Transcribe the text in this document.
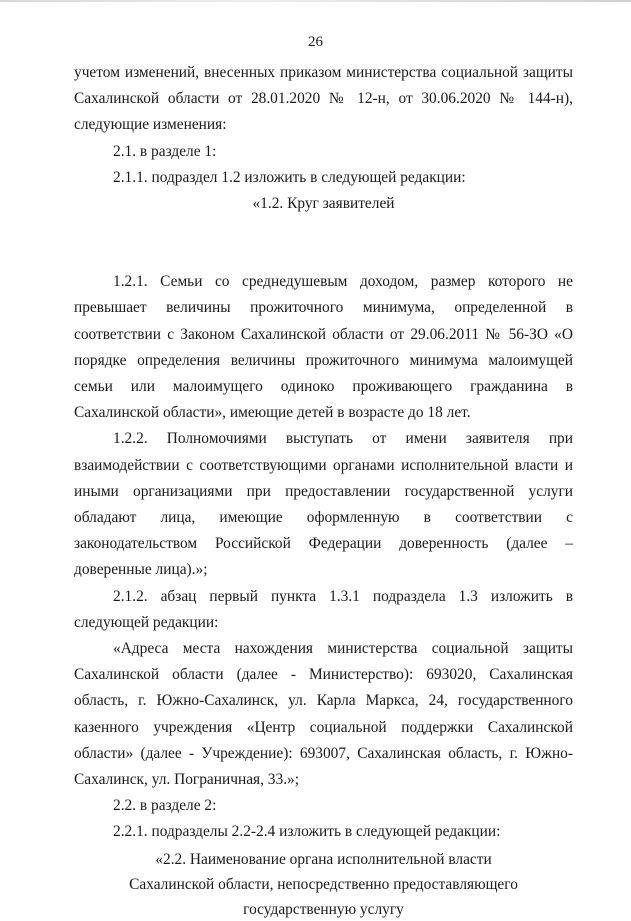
26

учетом изменений, внесенных приказом министерства социальной защиты Сахалинской области от 28.01.2020 № 12-н, от 30.06.2020 № 144-н), следующие изменения:

2.1. в разделе 1:

2.1.1. подраздел 1.2 изложить в следующей редакции:

«1.2. Круг заявителей

1.2.1. Семьи со среднедушевым доходом, размер которого не превышает величины прожиточного минимума, определенной в соответствии с Законом Сахалинской области от 29.06.2011 № 56-ЗО «О порядке определения величины прожиточного минимума малоимущей семьи или малоимущего одиноко проживающего гражданина в Сахалинской области», имеющие детей в возрасте до 18 лет.

1.2.2. Полномочиями выступать от имени заявителя при взаимодействии с соответствующими органами исполнительной власти и иными организациями при предоставлении государственной услуги обладают лица, имеющие оформленную в соответствии с законодательством Российской Федерации доверенность (далее – доверенные лица).»;

2.1.2. абзац первый пункта 1.3.1 подраздела 1.3 изложить в следующей редакции:

«Адреса места нахождения министерства социальной защиты Сахалинской области (далее - Министерство): 693020, Сахалинская область, г. Южно-Сахалинск, ул. Карла Маркса, 24, государственного казенного учреждения «Центр социальной поддержки Сахалинской области» (далее - Учреждение): 693007, Сахалинская область, г. Южно-Сахалинск, ул. Пограничная, 33.»;

2.2. в разделе 2:

2.2.1. подразделы 2.2-2.4 изложить в следующей редакции:

«2.2. Наименование органа исполнительной власти

Сахалинской области, непосредственно предоставляющего

государственную услугу
